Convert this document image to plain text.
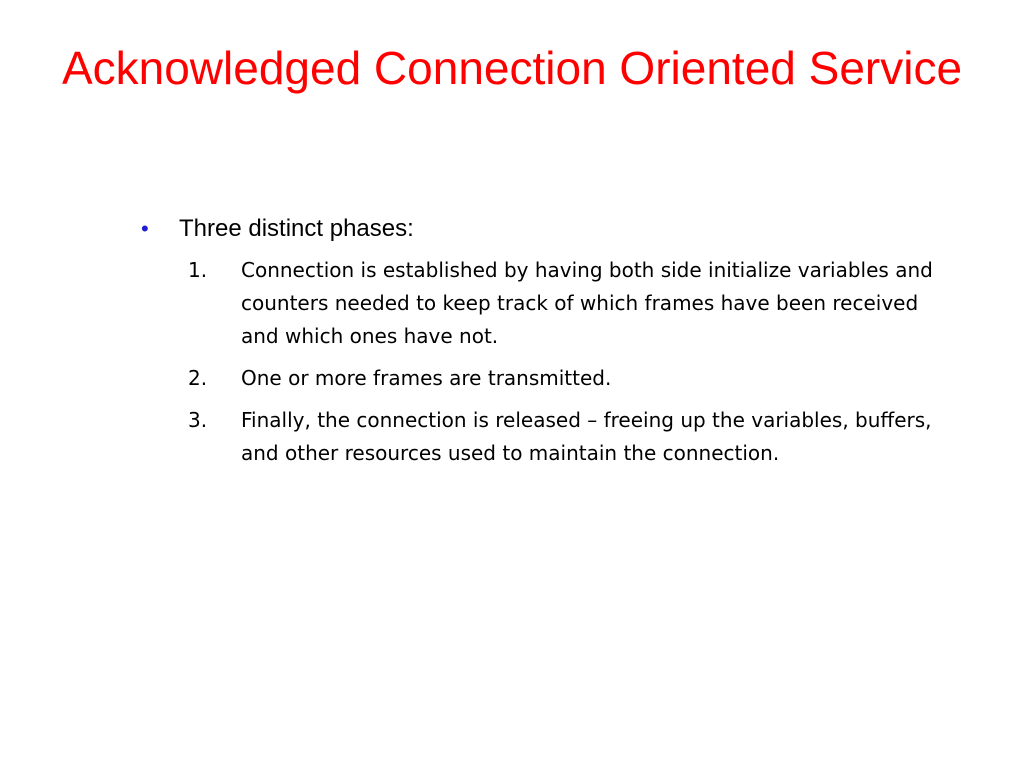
Acknowledged Connection Oriented Service
•	Three distinct phases:
1.	Connection is established by having both side initialize variables and counters needed to keep track of which frames have been received and which ones have not.
2.	One or more frames are transmitted.
3.	Finally, the connection is released – freeing up the variables, buffers, and other resources used to maintain the connection.
